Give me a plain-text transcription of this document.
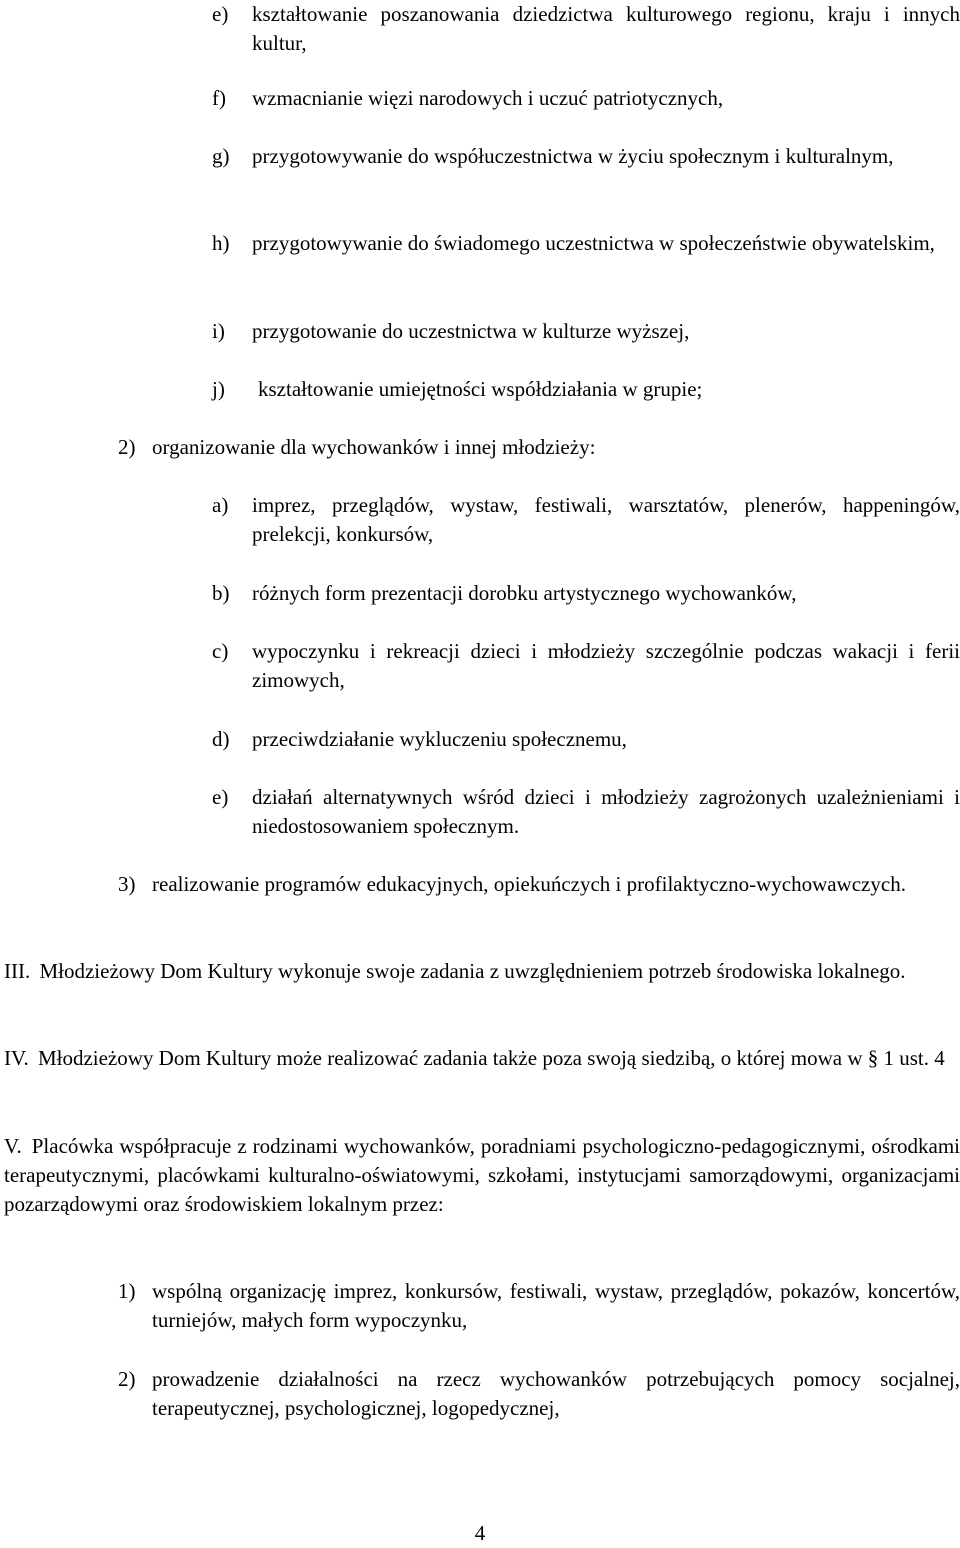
e) kształtowanie poszanowania dziedzictwa kulturowego regionu, kraju i innych kultur,
f) wzmacnianie więzi narodowych i uczuć patriotycznych,
g) przygotowywanie do współuczestnictwa w życiu społecznym i kulturalnym,
h) przygotowywanie do świadomego uczestnictwa w społeczeństwie obywatelskim,
i) przygotowanie do uczestnictwa w kulturze wyższej,
j) kształtowanie umiejętności współdziałania w grupie;
2) organizowanie dla wychowanków i innej młodzieży:
a) imprez, przeglądów, wystaw, festiwali, warsztatów, plenerów, happeningów, prelekcji, konkursów,
b) różnych form prezentacji dorobku artystycznego wychowanków,
c) wypoczynku i rekreacji dzieci i młodzieży szczególnie podczas wakacji i ferii zimowych,
d) przeciwdziałanie wykluczeniu społecznemu,
e) działań alternatywnych wśród dzieci i młodzieży zagrożonych uzależnieniami i niedostosowaniem społecznym.
3) realizowanie programów edukacyjnych, opiekuńczych i profilaktyczno-wychowawczych.
III. Młodzieżowy Dom Kultury wykonuje swoje zadania z uwzględnieniem potrzeb środowiska lokalnego.
IV. Młodzieżowy Dom Kultury może realizować zadania także poza swoją siedzibą, o której mowa w § 1 ust. 4
V. Placówka współpracuje z rodzinami wychowanków, poradniami psychologiczno-pedagogicznymi, ośrodkami terapeutycznymi, placówkami kulturalno-oświatowymi, szkołami, instytucjami samorządowymi, organizacjami pozarządowymi oraz środowiskiem lokalnym przez:
1) wspólną organizację imprez, konkursów, festiwali, wystaw, przeglądów, pokazów, koncertów, turniejów, małych form wypoczynku,
2) prowadzenie działalności na rzecz wychowanków potrzebujących pomocy socjalnej, terapeutycznej, psychologicznej, logopedycznej,
4
